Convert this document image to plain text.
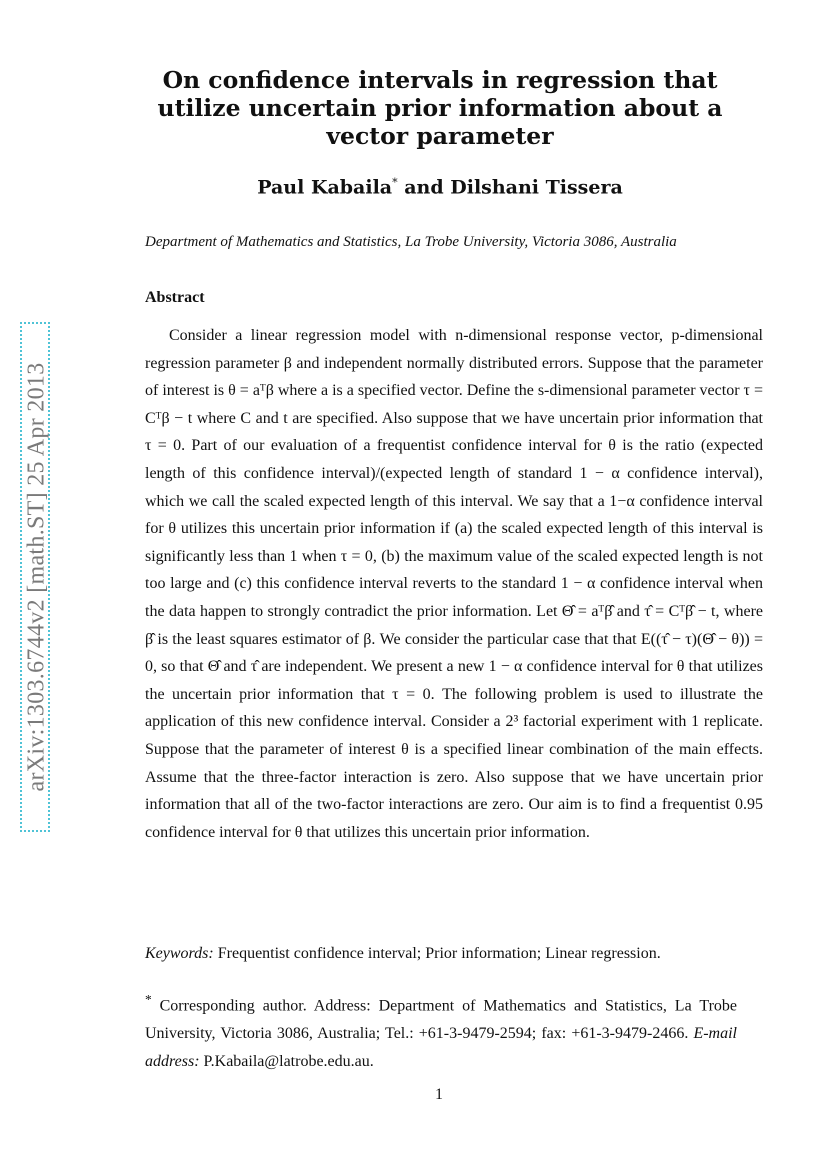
arXiv:1303.6744v2 [math.ST] 25 Apr 2013
On confidence intervals in regression that utilize uncertain prior information about a vector parameter
Paul Kabaila* and Dilshani Tissera
Department of Mathematics and Statistics, La Trobe University, Victoria 3086, Australia
Abstract
Consider a linear regression model with n-dimensional response vector, p-dimensional regression parameter β and independent normally distributed errors. Suppose that the parameter of interest is θ = aᵀβ where a is a specified vector. Define the s-dimensional parameter vector τ = Cᵀβ − t where C and t are specified. Also suppose that we have uncertain prior information that τ = 0. Part of our evaluation of a frequentist confidence interval for θ is the ratio (expected length of this confidence interval)/(expected length of standard 1 − α confidence interval), which we call the scaled expected length of this interval. We say that a 1−α confidence interval for θ utilizes this uncertain prior information if (a) the scaled expected length of this interval is significantly less than 1 when τ = 0, (b) the maximum value of the scaled expected length is not too large and (c) this confidence interval reverts to the standard 1 − α confidence interval when the data happen to strongly contradict the prior information. Let Θ̂ = aᵀβ̂ and τ̂ = Cᵀβ̂ − t, where β̂ is the least squares estimator of β. We consider the particular case that that E((τ̂ − τ)(Θ̂ − θ)) = 0, so that Θ̂ and τ̂ are independent. We present a new 1 − α confidence interval for θ that utilizes the uncertain prior information that τ = 0. The following problem is used to illustrate the application of this new confidence interval. Consider a 2³ factorial experiment with 1 replicate. Suppose that the parameter of interest θ is a specified linear combination of the main effects. Assume that the three-factor interaction is zero. Also suppose that we have uncertain prior information that all of the two-factor interactions are zero. Our aim is to find a frequentist 0.95 confidence interval for θ that utilizes this uncertain prior information.
Keywords: Frequentist confidence interval; Prior information; Linear regression.
* Corresponding author. Address: Department of Mathematics and Statistics, La Trobe University, Victoria 3086, Australia; Tel.: +61-3-9479-2594; fax: +61-3-9479-2466. E-mail address: P.Kabaila@latrobe.edu.au.
1
